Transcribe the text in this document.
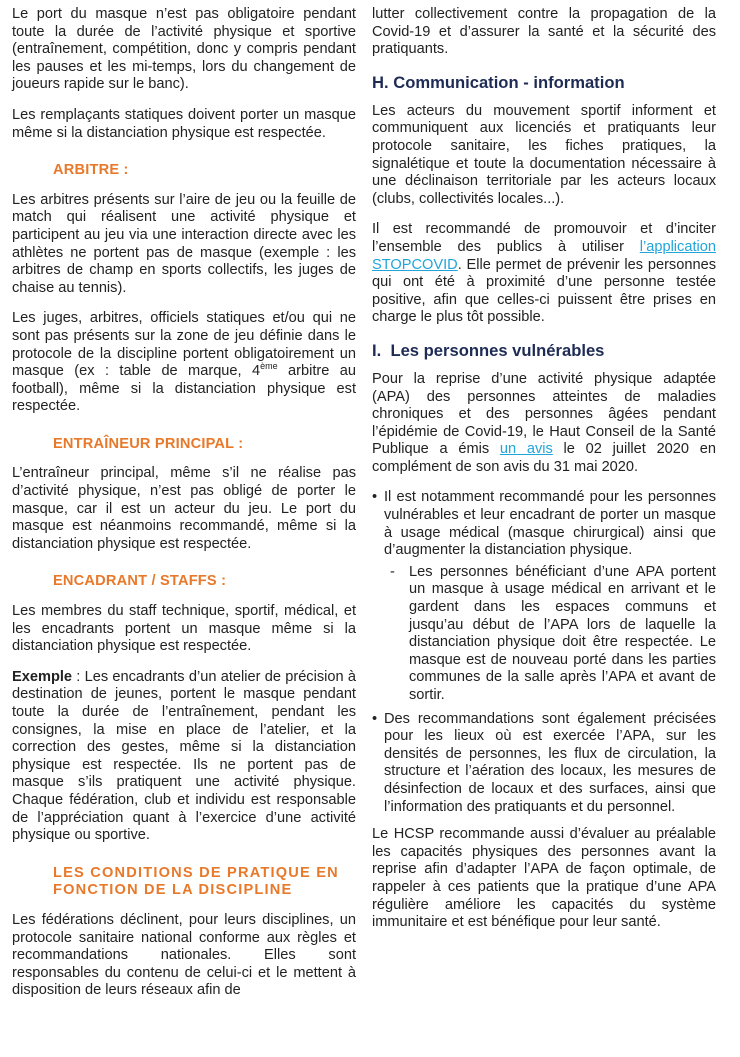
Le port du masque n’est pas obligatoire pendant toute la durée de l’activité physique et sportive (entraînement, compétition, donc y compris pendant les pauses et les mi-temps, lors du changement de joueurs rapide sur le banc).

Les remplaçants statiques doivent porter un masque même si la distanciation physique est respectée.

ARBITRE :

Les arbitres présents sur l’aire de jeu ou la feuille de match qui réalisent une activité physique et participent au jeu via une interaction directe avec les athlètes ne portent pas de masque (exemple : les arbitres de champ en sports collectifs, les juges de chaise au tennis).

Les juges, arbitres, officiels statiques et/ou qui ne sont pas présents sur la zone de jeu définie dans le protocole de la discipline portent obligatoirement un masque (ex : table de marque, 4ème arbitre au football), même si la distanciation physique est respectée.

ENTRAÎNEUR PRINCIPAL :

L’entraîneur principal, même s’il ne réalise pas d’activité physique, n’est pas obligé de porter le masque, car il est un acteur du jeu. Le port du masque est néanmoins recommandé, même si la distanciation physique est respectée.

ENCADRANT / STAFFS :

Les membres du staff technique, sportif, médical, et les encadrants portent un masque même si la distanciation physique est respectée.

Exemple : Les encadrants d’un atelier de précision à destination de jeunes, portent le masque pendant toute la durée de l’entraînement, pendant les consignes, la mise en place de l’atelier, et la correction des gestes, même si la distanciation physique est respectée. Ils ne portent pas de masque s’ils pratiquent une activité physique. Chaque fédération, club et individu est responsable de l’appréciation quant à l’exercice d’une activité physique ou sportive.

LES CONDITIONS DE PRATIQUE EN FONCTION DE LA DISCIPLINE

Les fédérations déclinent, pour leurs disciplines, un protocole sanitaire national conforme aux règles et recommandations nationales. Elles sont responsables du contenu de celui-ci et le mettent à disposition de leurs réseaux afin de

lutter collectivement contre la propagation de la Covid-19 et d’assurer la santé et la sécurité des pratiquants.

H. Communication - information

Les acteurs du mouvement sportif informent et communiquent aux licenciés et pratiquants leur protocole sanitaire, les fiches pratiques, la signalétique et toute la documentation nécessaire à une déclinaison territoriale par les acteurs locaux (clubs, collectivités locales...).

Il est recommandé de promouvoir et d’inciter l’ensemble des publics à utiliser l’application STOPCOVID. Elle permet de prévenir les personnes qui ont été à proximité d’une personne testée positive, afin que celles-ci puissent être prises en charge le plus tôt possible.

I.  Les personnes vulnérables

Pour la reprise d’une activité physique adaptée (APA) des personnes atteintes de maladies chroniques et des personnes âgées pendant l’épidémie de Covid-19, le Haut Conseil de la Santé Publique a émis un avis le 02 juillet 2020 en complément de son avis du 31 mai 2020.

• Il est notamment recommandé pour les personnes vulnérables et leur encadrant de porter un masque à usage médical (masque chirurgical) ainsi que d’augmenter la distanciation physique.
- Les personnes bénéficiant d’une APA portent un masque à usage médical en arrivant et le gardent dans les espaces communs et jusqu’au début de l’APA lors de laquelle la distanciation physique doit être respectée. Le masque est de nouveau porté dans les parties communes de la salle après l’APA et avant de sortir.
• Des recommandations sont également précisées pour les lieux où est exercée l’APA, sur les densités de personnes, les flux de circulation, la structure et l’aération des locaux, les mesures de désinfection de locaux et des surfaces, ainsi que l’information des pratiquants et du personnel.

Le HCSP recommande aussi d’évaluer au préalable les capacités physiques des personnes avant la reprise afin d’adapter l’APA de façon optimale, de rappeler à ces patients que la pratique d’une APA régulière améliore les capacités du système immunitaire et est bénéfique pour leur santé.
